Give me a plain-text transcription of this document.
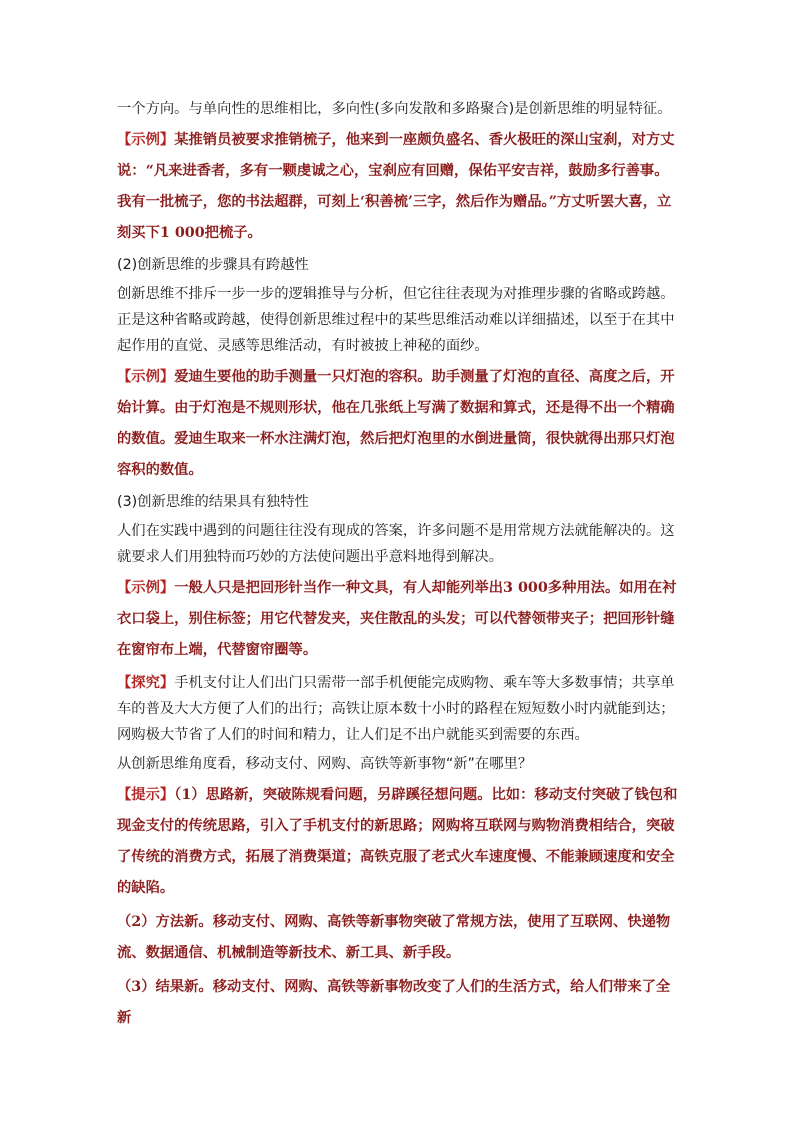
一个方向。与单向性的思维相比，多向性(多向发散和多路聚合)是创新思维的明显特征。

【示例】某推销员被要求推销梳子，他来到一座颇负盛名、香火极旺的深山宝刹，对方丈说：“凡来进香者，多有一颗虔诚之心，宝刹应有回赠，保佑平安吉祥，鼓励多行善事。我有一批梳子，您的书法超群，可刻上‘积善梳’三字，然后作为赠品。”方丈听罢大喜，立刻买下1 000把梳子。

(2)创新思维的步骤具有跨越性

创新思维不排斥一步一步的逻辑推导与分析，但它往往表现为对推理步骤的省略或跨越。正是这种省略或跨越，使得创新思维过程中的某些思维活动难以详细描述，以至于在其中起作用的直觉、灵感等思维活动，有时被披上神秘的面纱。

【示例】爱迪生要他的助手测量一只灯泡的容积。助手测量了灯泡的直径、高度之后，开始计算。由于灯泡是不规则形状，他在几张纸上写满了数据和算式，还是得不出一个精确的数值。爱迪生取来一杯水注满灯泡，然后把灯泡里的水倒进量筒，很快就得出那只灯泡容积的数值。

(3)创新思维的结果具有独特性

人们在实践中遇到的问题往往没有现成的答案，许多问题不是用常规方法就能解决的。这就要求人们用独特而巧妙的方法使问题出乎意料地得到解决。

【示例】一般人只是把回形针当作一种文具，有人却能列举出3 000多种用法。如用在衬衣口袋上，别住标签；用它代替发夹，夹住散乱的头发；可以代替领带夹子；把回形针缝在窗帘布上端，代替窗帘圈等。

【探究】手机支付让人们出门只需带一部手机便能完成购物、乘车等大多数事情；共享单车的普及大大方便了人们的出行；高铁让原本数十小时的路程在短短数小时内就能到达；网购极大节省了人们的时间和精力，让人们足不出户就能买到需要的东西。

从创新思维角度看，移动支付、网购、高铁等新事物“新”在哪里？

【提示】（1）思路新，突破陈规看问题，另辟蹊径想问题。比如：移动支付突破了钱包和现金支付的传统思路，引入了手机支付的新思路；网购将互联网与购物消费相结合，突破了传统的消费方式，拓展了消费渠道；高铁克服了老式火车速度慢、不能兼顾速度和安全的缺陷。

（2）方法新。移动支付、网购、高铁等新事物突破了常规方法，使用了互联网、快递物流、数据通信、机械制造等新技术、新工具、新手段。

（3）结果新。移动支付、网购、高铁等新事物改变了人们的生活方式，给人们带来了全新
